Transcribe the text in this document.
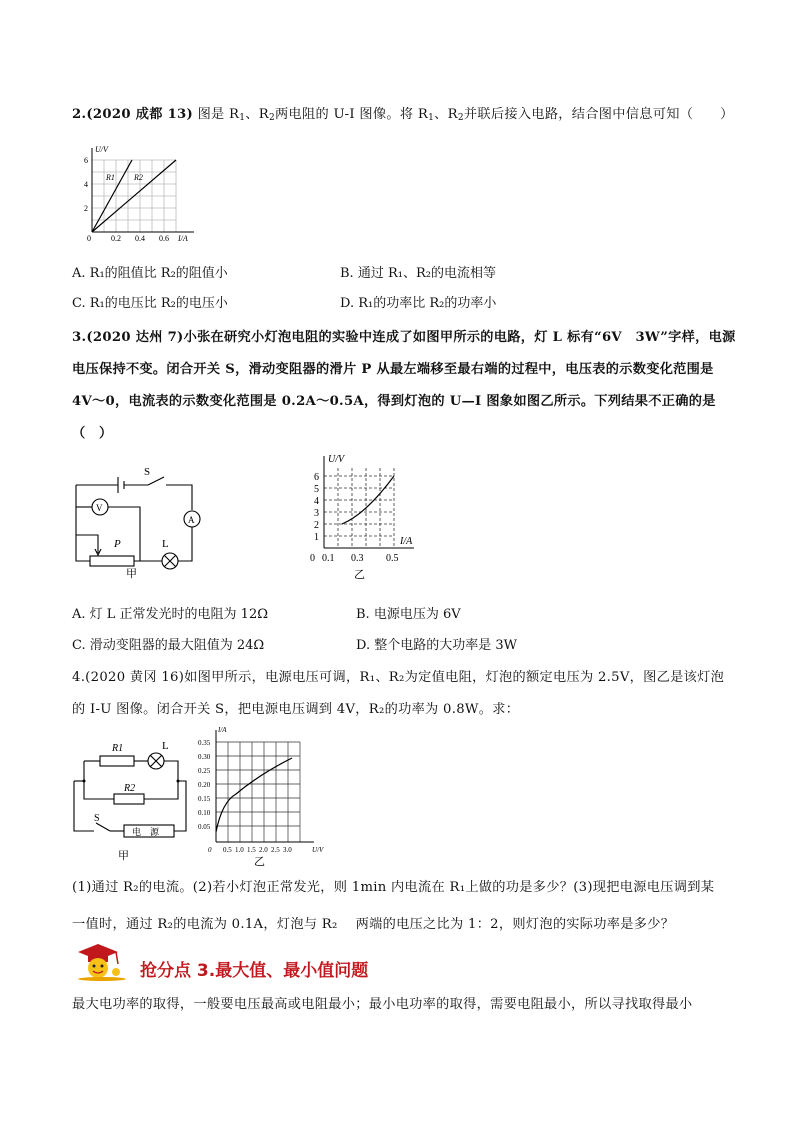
2.(2020 成都 13) 图是 $R_1$、$R_2$两电阻的 U-I 图像。将 $R_1$、$R_2$并联后接入电路，结合图中信息可知（　　）
U/V
I/A
6
4
2
0	0.2 0.4 0.6
R1 R2
A. R₁的阻值比 R₂的阻值小	B. 通过 R₁、R₂的电流相等
C. R₁的电压比 R₂的电压小	D. R₁的功率比 R₂的功率小
3.(2020 达州 7)小张在研究小灯泡电阻的实验中连成了如图甲所示的电路，灯 L 标有“6V　3W”字样，电源
电压保持不变。闭合开关 S，滑动变阻器的滑片 P 从最左端移至最右端的过程中，电压表的示数变化范围是
4V～0，电流表的示数变化范围是 0.2A～0.5A，得到灯泡的 U—I 图象如图乙所示。下列结果不正确的是
（　）
S
V
A
P	L
甲
U/V
I/A
6
5
4
3
2
1
0 0.1 0.3 0.5
乙
A. 灯 L 正常发光时的电阻为 12Ω	B. 电源电压为 6V
C. 滑动变阻器的最大阻值为 24Ω	D. 整个电路的大功率是 3W
4.(2020 黄冈 16)如图甲所示，电源电压可调，R₁、R₂为定值电阻，灯泡的额定电压为 2.5V，图乙是该灯泡
的 I-U 图像。闭合开关 S，把电源电压调到 4V，R₂的功率为 0.8W。求：
R1	L
R2
S
电　源
甲
I/A
U/V
0.35
0.30
0.25
0.20
0.15
0.10
0.05
0 0.5 1.0 1.5 2.0 2.5 3.0
乙
(1)通过 R₂的电流。(2)若小灯泡正常发光，则 1min 内电流在 R₁上做的功是多少？(3)现把电源电压调到某
一值时，通过 R₂的电流为 0.1A，灯泡与 R₂　 两端的电压之比为 1：2，则灯泡的实际功率是多少？
抢分点 3.最大值、最小值问题
最大电功率的取得，一般要电压最高或电阻最小；最小电功率的取得，需要电阻最小，所以寻找取得最小
